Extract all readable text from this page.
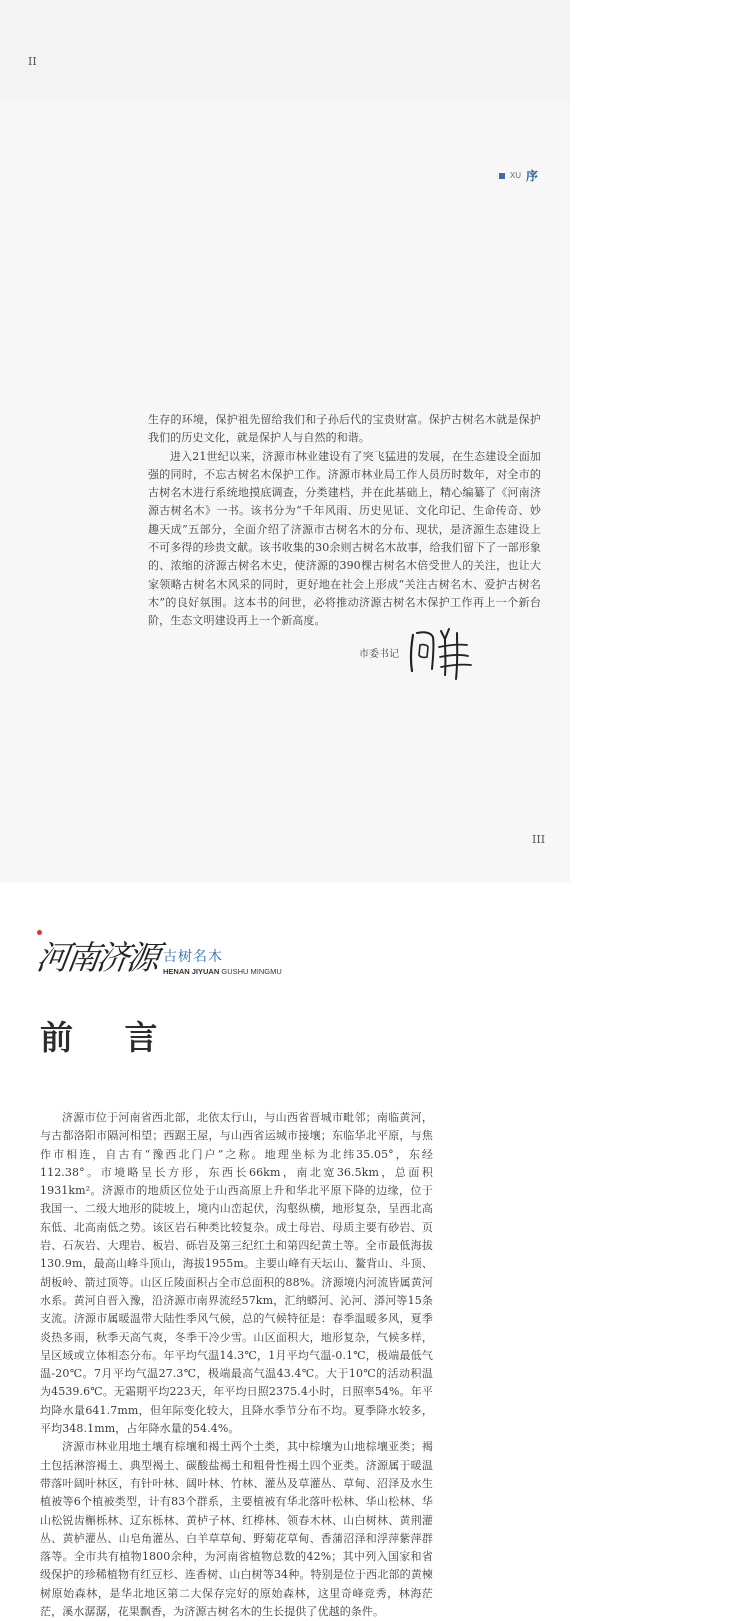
II
XU 序

生存的环境，保护祖先留给我们和子孙后代的宝贵财富。保护古树名木就是保护我们的历史文化，就是保护人与自然的和谐。

进入21世纪以来，济源市林业建设有了突飞猛进的发展，在生态建设全面加强的同时，不忘古树名木保护工作。济源市林业局工作人员历时数年，对全市的古树名木进行系统地摸底调查，分类建档，并在此基础上，精心编纂了《河南济源古树名木》一书。该书分为“千年风雨、历史见证、文化印记、生命传奇、妙趣天成”五部分，全面介绍了济源市古树名木的分布、现状，是济源生态建设上不可多得的珍贵文献。该书收集的30余则古树名木故事，给我们留下了一部形象的、浓缩的济源古树名木史，使济源的390棵古树名木倍受世人的关注，也让大家领略古树名木风采的同时，更好地在社会上形成“关注古树名木、爱护古树名木”的良好氛围。这本书的问世，必将推动济源古树名木保护工作再上一个新台阶，生态文明建设再上一个新高度。

市委书记
III
河南济源 古树名木
HENAN JIYUAN GUSHU MINGMU
前 言

济源市位于河南省西北部，北依太行山，与山西省晋城市毗邻；南临黄河，与古都洛阳市隔河相望；西踞王屋，与山西省运城市接壤；东临华北平原，与焦作市相连，自古有“豫西北门户”之称。地理坐标为北纬35.05°，东经112.38°。市境略呈长方形，东西长66km，南北宽36.5km，总面积1931km²。济源市的地质区位处于山西高原上升和华北平原下降的边缘，位于我国一、二级大地形的陡坡上，境内山峦起伏，沟壑纵横，地形复杂，呈西北高东低、北高南低之势。该区岩石种类比较复杂。成土母岩、母质主要有砂岩、页岩、石灰岩、大理岩、板岩、砾岩及第三纪红土和第四纪黄土等。全市最低海拔130.9m，最高山峰斗顶山，海拔1955m。主要山峰有天坛山、鳌背山、斗顶、胡板岭、箭过顶等。山区丘陵面积占全市总面积的88%。济源境内河流皆属黄河水系。黄河自晋入豫，沿济源市南界流经57km，汇纳蟒河、沁河、漭河等15条支流。济源市属暖温带大陆性季风气候，总的气候特征是：春季温暖多风，夏季炎热多雨，秋季天高气爽，冬季干冷少雪。山区面积大，地形复杂，气候多样，呈区域或立体相态分布。年平均气温14.3℃，1月平均气温-0.1℃，极端最低气温-20℃。7月平均气温27.3℃，极端最高气温43.4℃。大于10℃的活动积温为4539.6℃。无霜期平均223天，年平均日照2375.4小时，日照率54%。年平均降水量641.7mm，但年际变化较大，且降水季节分布不均。夏季降水较多，平均348.1mm，占年降水量的54.4%。

济源市林业用地土壤有棕壤和褐土两个土类，其中棕壤为山地棕壤亚类；褐土包括淋溶褐土、典型褐土、碳酸盐褐土和粗骨性褐土四个亚类。济源属于暖温带落叶阔叶林区，有针叶林、阔叶林、竹林、灌丛及草灌丛、草甸、沼泽及水生植被等6个植被类型，计有83个群系，主要植被有华北落叶松林、华山松林、华山松锐齿槲栎林、辽东栎林、黄栌子林、红桦林、领春木林、山白树林、黄荆灌丛、黄栌灌丛、山皂角灌丛、白羊草草甸、野菊花草甸、香蒲沼泽和浮萍紫萍群落等。全市共有植物1800余种，为河南省植物总数的42%；其中列入国家和省级保护的珍稀植物有红豆杉、连香树、山白树等34种。特别是位于西北部的黄楝树原始森林，是华北地区第二大保存完好的原始森林，这里奇峰竞秀，林海茫茫，溪水潺潺，花果飘香，为济源古树名木的生长提供了优越的条件。
